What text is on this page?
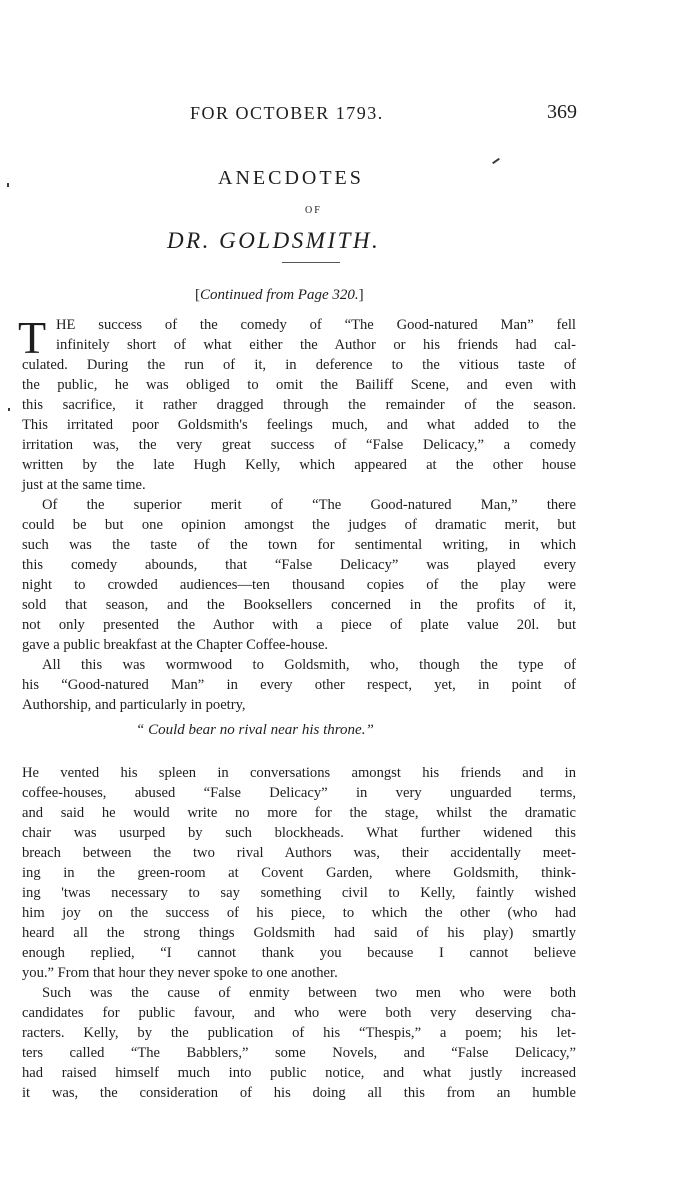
FOR OCTOBER 1793.	369
ANECDOTES
OF
DR. GOLDSMITH.
[Continued from Page 320.]
T HE success of the comedy of “The Good-natured Man” fell
infinitely short of what either the Author or his friends had cal-
culated. During the run of it, in deference to the vitious taste of
the public, he was obliged to omit the Bailiff Scene, and even with
this sacrifice, it rather dragged through the remainder of the season.
This irritated poor Goldsmith's feelings much, and what added to the
irritation was, the very great success of “False Delicacy,” a comedy
written by the late Hugh Kelly, which appeared at the other house
just at the same time.
Of the superior merit of “The Good-natured Man,” there
could be but one opinion amongst the judges of dramatic merit, but
such was the taste of the town for sentimental writing, in which
this comedy abounds, that “False Delicacy” was played every
night to crowded audiences—ten thousand copies of the play were
sold that season, and the Booksellers concerned in the profits of it,
not only presented the Author with a piece of plate value 20l. but
gave a public breakfast at the Chapter Coffee-house.
All this was wormwood to Goldsmith, who, though the type of
his “Good-natured Man” in every other respect, yet, in point of
Authorship, and particularly in poetry,
“ Could bear no rival near his throne.”
He vented his spleen in conversations amongst his friends and in
coffee-houses, abused “False Delicacy” in very unguarded terms,
and said he would write no more for the stage, whilst the dramatic
chair was usurped by such blockheads. What further widened this
breach between the two rival Authors was, their accidentally meet-
ing in the green-room at Covent Garden, where Goldsmith, think-
ing 'twas necessary to say something civil to Kelly, faintly wished
him joy on the success of his piece, to which the other (who had
heard all the strong things Goldsmith had said of his play) smartly
enough replied, “I cannot thank you because I cannot believe
you.” From that hour they never spoke to one another.
Such was the cause of enmity between two men who were both
candidates for public favour, and who were both very deserving cha-
racters. Kelly, by the publication of his “Thespis,” a poem; his let-
ters called “The Babblers,” some Novels, and “False Delicacy,”
had raised himself much into public notice, and what justly increased
it was, the consideration of his doing all this from an humble
